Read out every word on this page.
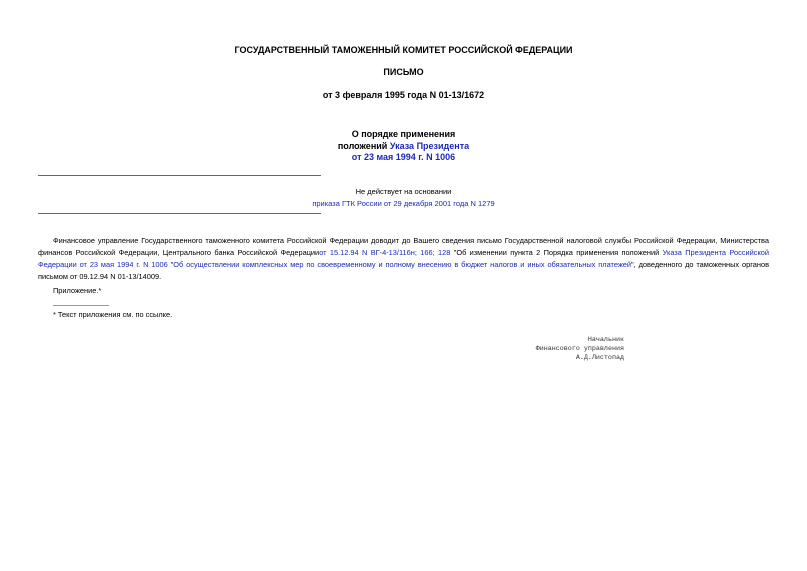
ГОСУДАРСТВЕННЫЙ ТАМОЖЕННЫЙ КОМИТЕТ РОССИЙСКОЙ ФЕДЕРАЦИИ
ПИСЬМО
от 3 февраля 1995 года N 01-13/1672
О порядке применения
положений Указа Президента
от 23 мая 1994 г. N 1006
Не действует на основании
приказа ГТК России от 29 декабря 2001 года N 1279
Финансовое управление Государственного таможенного комитета Российской Федерации доводит до Вашего сведения письмо Государственной налоговой службы Российской Федерации, Министерства финансов Российской Федерации, Центрального банка Российской Федерацииот 15.12.94 N ВГ-4-13/116н; 166; 128 "Об изменении пункта 2 Порядка применения положений Указа Президента Российской Федерации от 23 мая 1994 г. N 1006 "Об осуществлении комплексных мер по своевременному и полному внесению в бюджет налогов и иных обязательных платежей", доведенного до таможенных органов письмом от 09.12.94 N 01-13/14009.
Приложение.*
* Текст приложения см. по ссылке.
Начальник
Финансового управления
А.Д.Листопад
